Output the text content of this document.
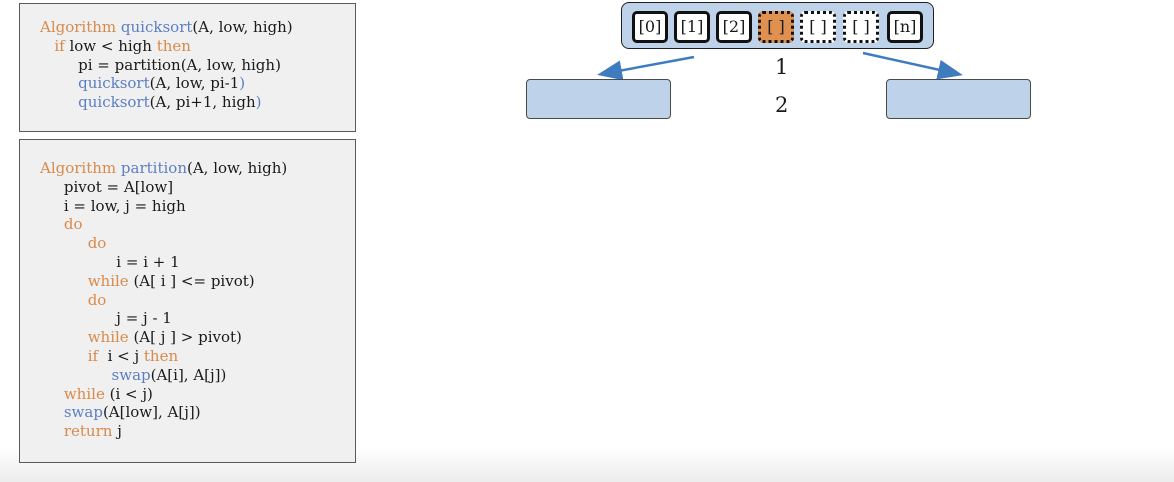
Algorithm quicksort(A, low, high)
if low < high then
pi = partition(A, low, high)
quicksort(A, low, pi-1)
quicksort(A, pi+1, high)
Algorithm partition(A, low, high)
pivot = A[low]
i = low, j = high
do
do
i = i + 1
while (A[ i ] <= pivot)
do
j = j - 1
while (A[ j ] > pivot)
if  i < j then
swap(A[i], A[j])
while (i < j)
swap(A[low], A[j])
return j
[0]	[1]	[2]	[ ]	[ ]	[ ]	[n]
1
2
